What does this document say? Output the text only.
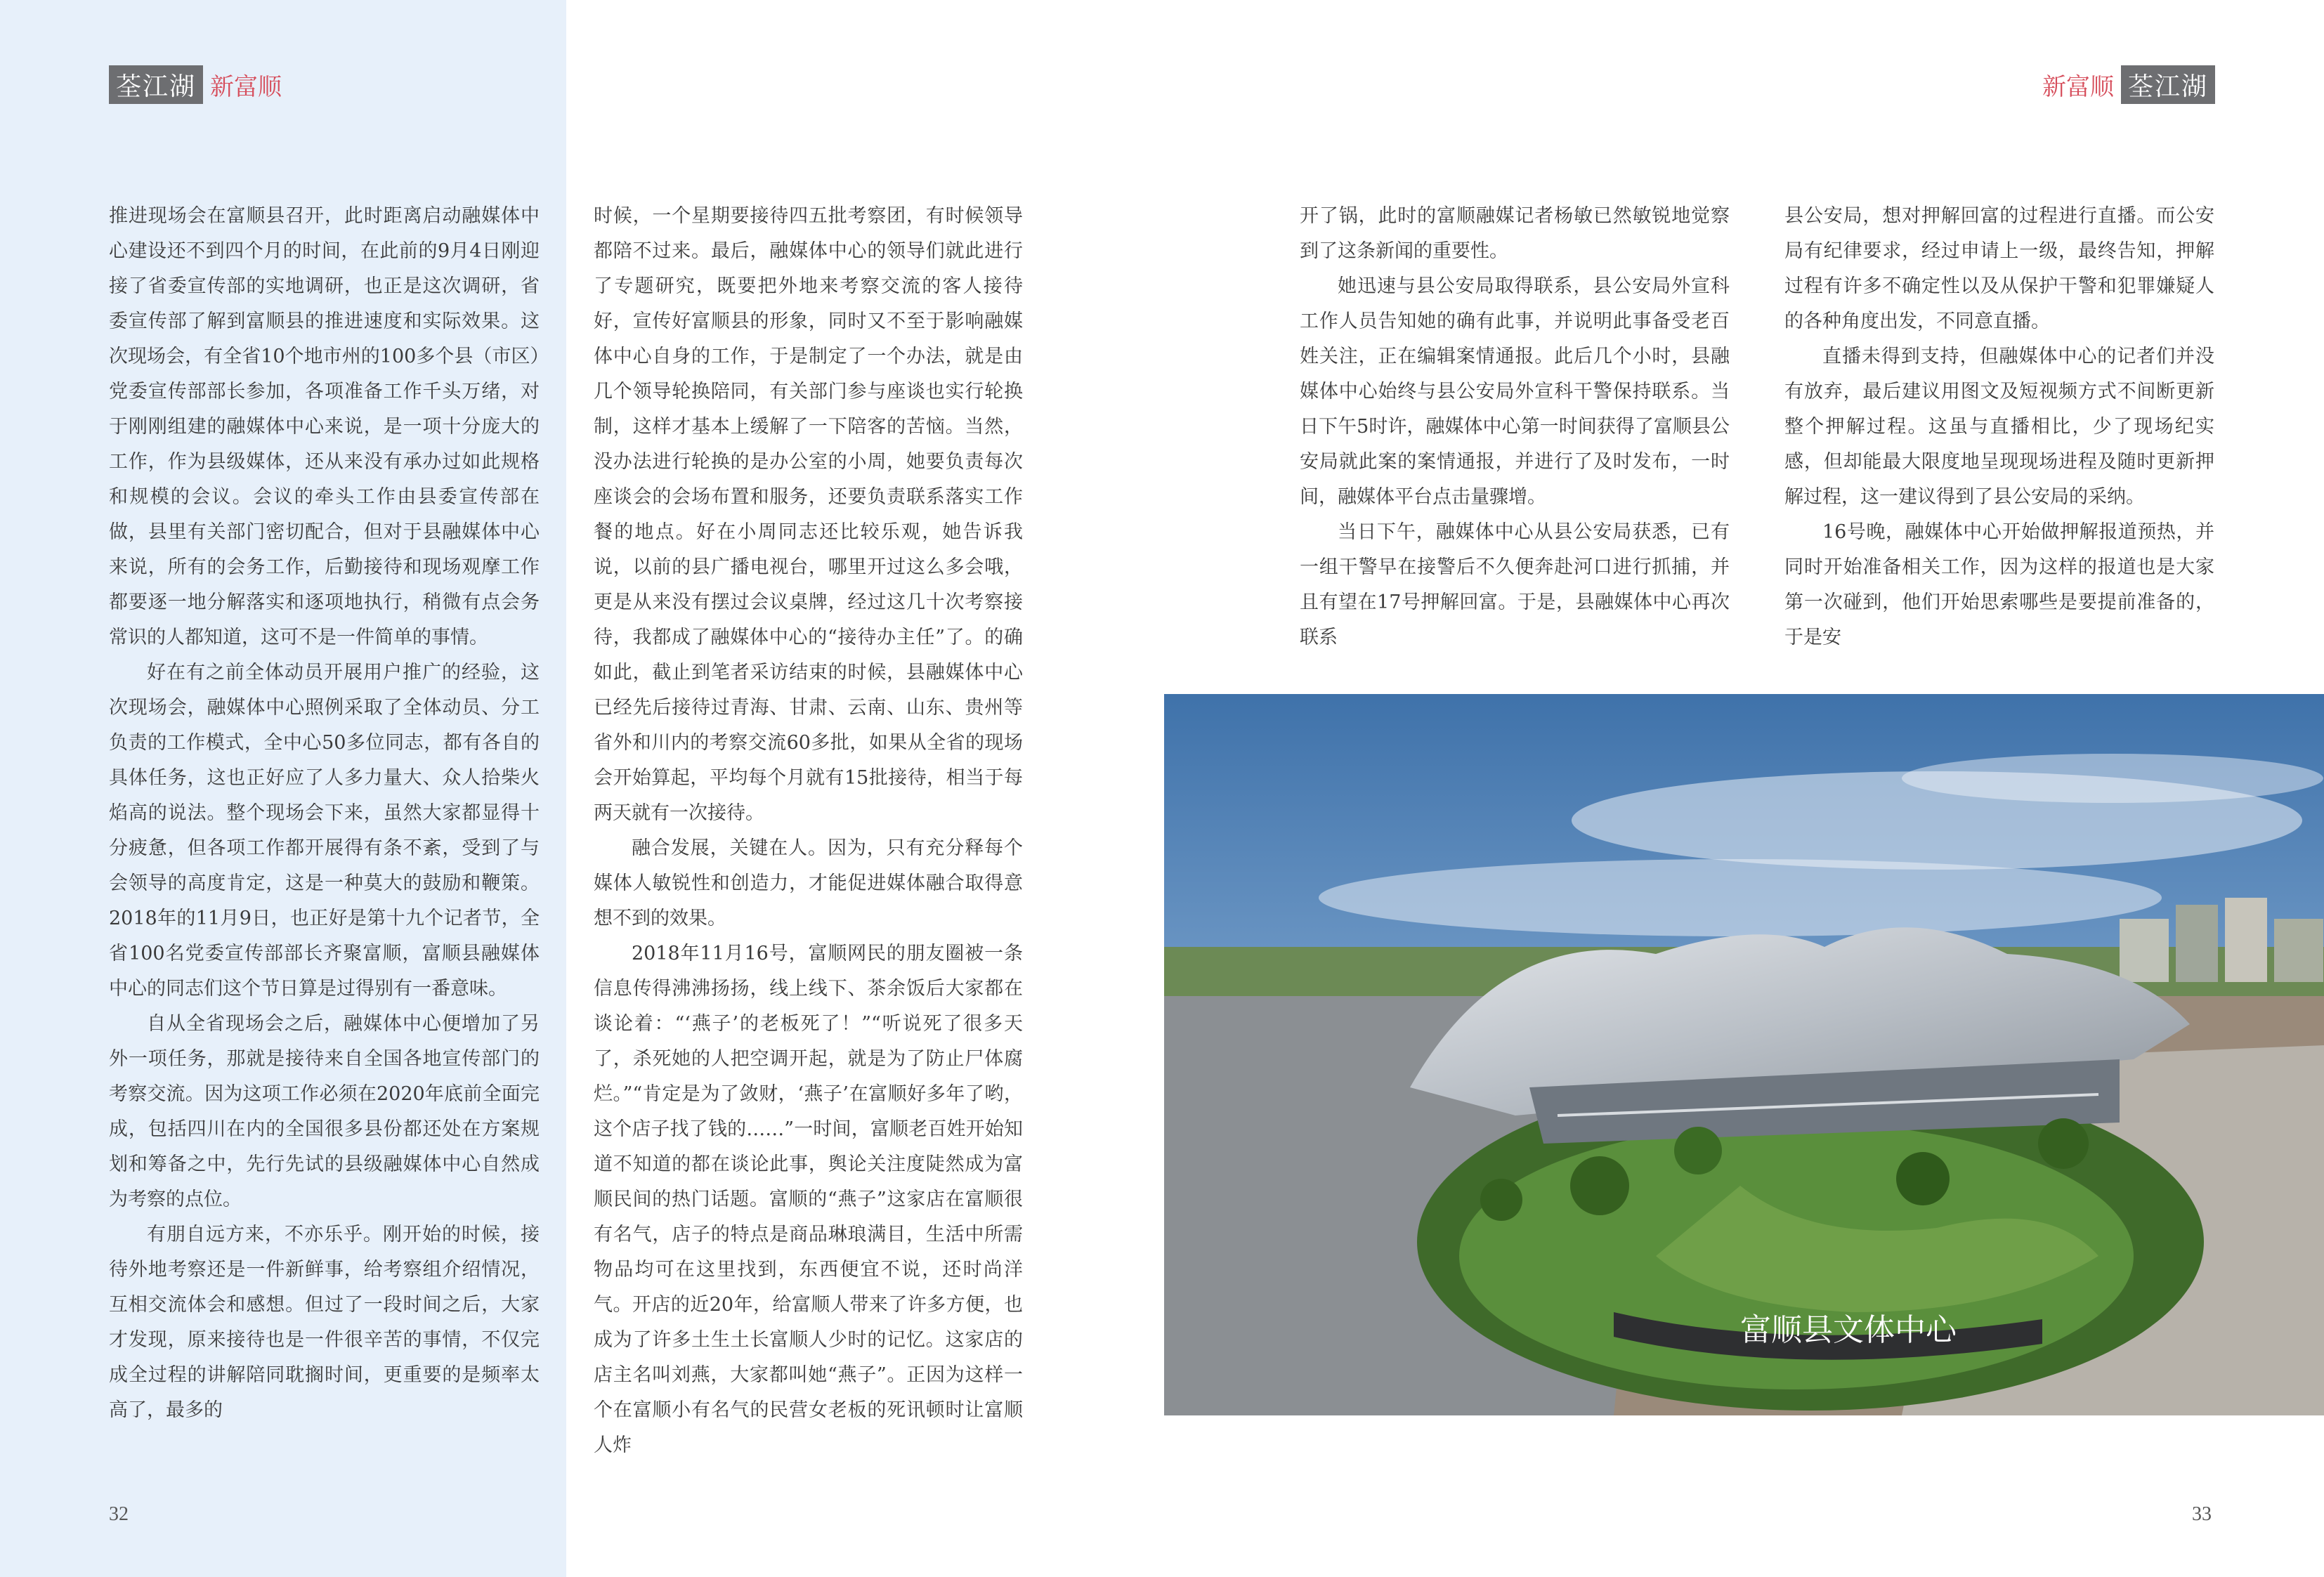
荃江湖 新富顺	新富顺 荃江湖

推进现场会在富顺县召开，此时距离启动融媒体中心建设还不到四个月的时间，在此前的9月4日刚迎接了省委宣传部的实地调研，也正是这次调研，省委宣传部了解到富顺县的推进速度和实际效果。这次现场会，有全省10个地市州的100多个县（市区）党委宣传部部长参加，各项准备工作千头万绪，对于刚刚组建的融媒体中心来说，是一项十分庞大的工作，作为县级媒体，还从来没有承办过如此规格和规模的会议。会议的牵头工作由县委宣传部在做，县里有关部门密切配合，但对于县融媒体中心来说，所有的会务工作，后勤接待和现场观摩工作都要逐一地分解落实和逐项地执行，稍微有点会务常识的人都知道，这可不是一件简单的事情。

好在有之前全体动员开展用户推广的经验，这次现场会，融媒体中心照例采取了全体动员、分工负责的工作模式，全中心50多位同志，都有各自的具体任务，这也正好应了人多力量大、众人拾柴火焰高的说法。整个现场会下来，虽然大家都显得十分疲惫，但各项工作都开展得有条不紊，受到了与会领导的高度肯定，这是一种莫大的鼓励和鞭策。2018年的11月9日，也正好是第十九个记者节，全省100名党委宣传部部长齐聚富顺，富顺县融媒体中心的同志们这个节日算是过得别有一番意味。

自从全省现场会之后，融媒体中心便增加了另外一项任务，那就是接待来自全国各地宣传部门的考察交流。因为这项工作必须在2020年底前全面完成，包括四川在内的全国很多县份都还处在方案规划和筹备之中，先行先试的县级融媒体中心自然成为考察的点位。

有朋自远方来，不亦乐乎。刚开始的时候，接待外地考察还是一件新鲜事，给考察组介绍情况，互相交流体会和感想。但过了一段时间之后，大家才发现，原来接待也是一件很辛苦的事情，不仅完成全过程的讲解陪同耽搁时间，更重要的是频率太高了，最多的

时候，一个星期要接待四五批考察团，有时候领导都陪不过来。最后，融媒体中心的领导们就此进行了专题研究，既要把外地来考察交流的客人接待好，宣传好富顺县的形象，同时又不至于影响融媒体中心自身的工作，于是制定了一个办法，就是由几个领导轮换陪同，有关部门参与座谈也实行轮换制，这样才基本上缓解了一下陪客的苦恼。当然，没办法进行轮换的是办公室的小周，她要负责每次座谈会的会场布置和服务，还要负责联系落实工作餐的地点。好在小周同志还比较乐观，她告诉我说，以前的县广播电视台，哪里开过这么多会哦，更是从来没有摆过会议桌牌，经过这几十次考察接待，我都成了融媒体中心的“接待办主任”了。的确如此，截止到笔者采访结束的时候，县融媒体中心已经先后接待过青海、甘肃、云南、山东、贵州等省外和川内的考察交流60多批，如果从全省的现场会开始算起，平均每个月就有15批接待，相当于每两天就有一次接待。

融合发展，关键在人。因为，只有充分释每个媒体人敏锐性和创造力，才能促进媒体融合取得意想不到的效果。

2018年11月16号，富顺网民的朋友圈被一条信息传得沸沸扬扬，线上线下、茶余饭后大家都在谈论着：“‘燕子’的老板死了！”“听说死了很多天了，杀死她的人把空调开起，就是为了防止尸体腐烂。”“肯定是为了敛财，‘燕子’在富顺好多年了哟，这个店子找了钱的……”一时间，富顺老百姓开始知道不知道的都在谈论此事，舆论关注度陡然成为富顺民间的热门话题。富顺的“燕子”这家店在富顺很有名气，店子的特点是商品琳琅满目，生活中所需物品均可在这里找到，东西便宜不说，还时尚洋气。开店的近20年，给富顺人带来了许多方便，也成为了许多土生土长富顺人少时的记忆。这家店的店主名叫刘燕，大家都叫她“燕子”。正因为这样一个在富顺小有名气的民营女老板的死讯顿时让富顺人炸

开了锅，此时的富顺融媒记者杨敏已然敏锐地觉察到了这条新闻的重要性。

她迅速与县公安局取得联系，县公安局外宣科工作人员告知她的确有此事，并说明此事备受老百姓关注，正在编辑案情通报。此后几个小时，县融媒体中心始终与县公安局外宣科干警保持联系。当日下午5时许，融媒体中心第一时间获得了富顺县公安局就此案的案情通报，并进行了及时发布，一时间，融媒体平台点击量骤增。

当日下午，融媒体中心从县公安局获悉，已有一组干警早在接警后不久便奔赴河口进行抓捕，并且有望在17号押解回富。于是，县融媒体中心再次联系

县公安局，想对押解回富的过程进行直播。而公安局有纪律要求，经过申请上一级，最终告知，押解过程有许多不确定性以及从保护干警和犯罪嫌疑人的各种角度出发，不同意直播。

直播未得到支持，但融媒体中心的记者们并没有放弃，最后建议用图文及短视频方式不间断更新整个押解过程。这虽与直播相比，少了现场纪实感，但却能最大限度地呈现现场进程及随时更新押解过程，这一建议得到了县公安局的采纳。

16号晚，融媒体中心开始做押解报道预热，并同时开始准备相关工作，因为这样的报道也是大家第一次碰到，他们开始思索哪些是要提前准备的，于是安

富顺县文体中心
32	33
